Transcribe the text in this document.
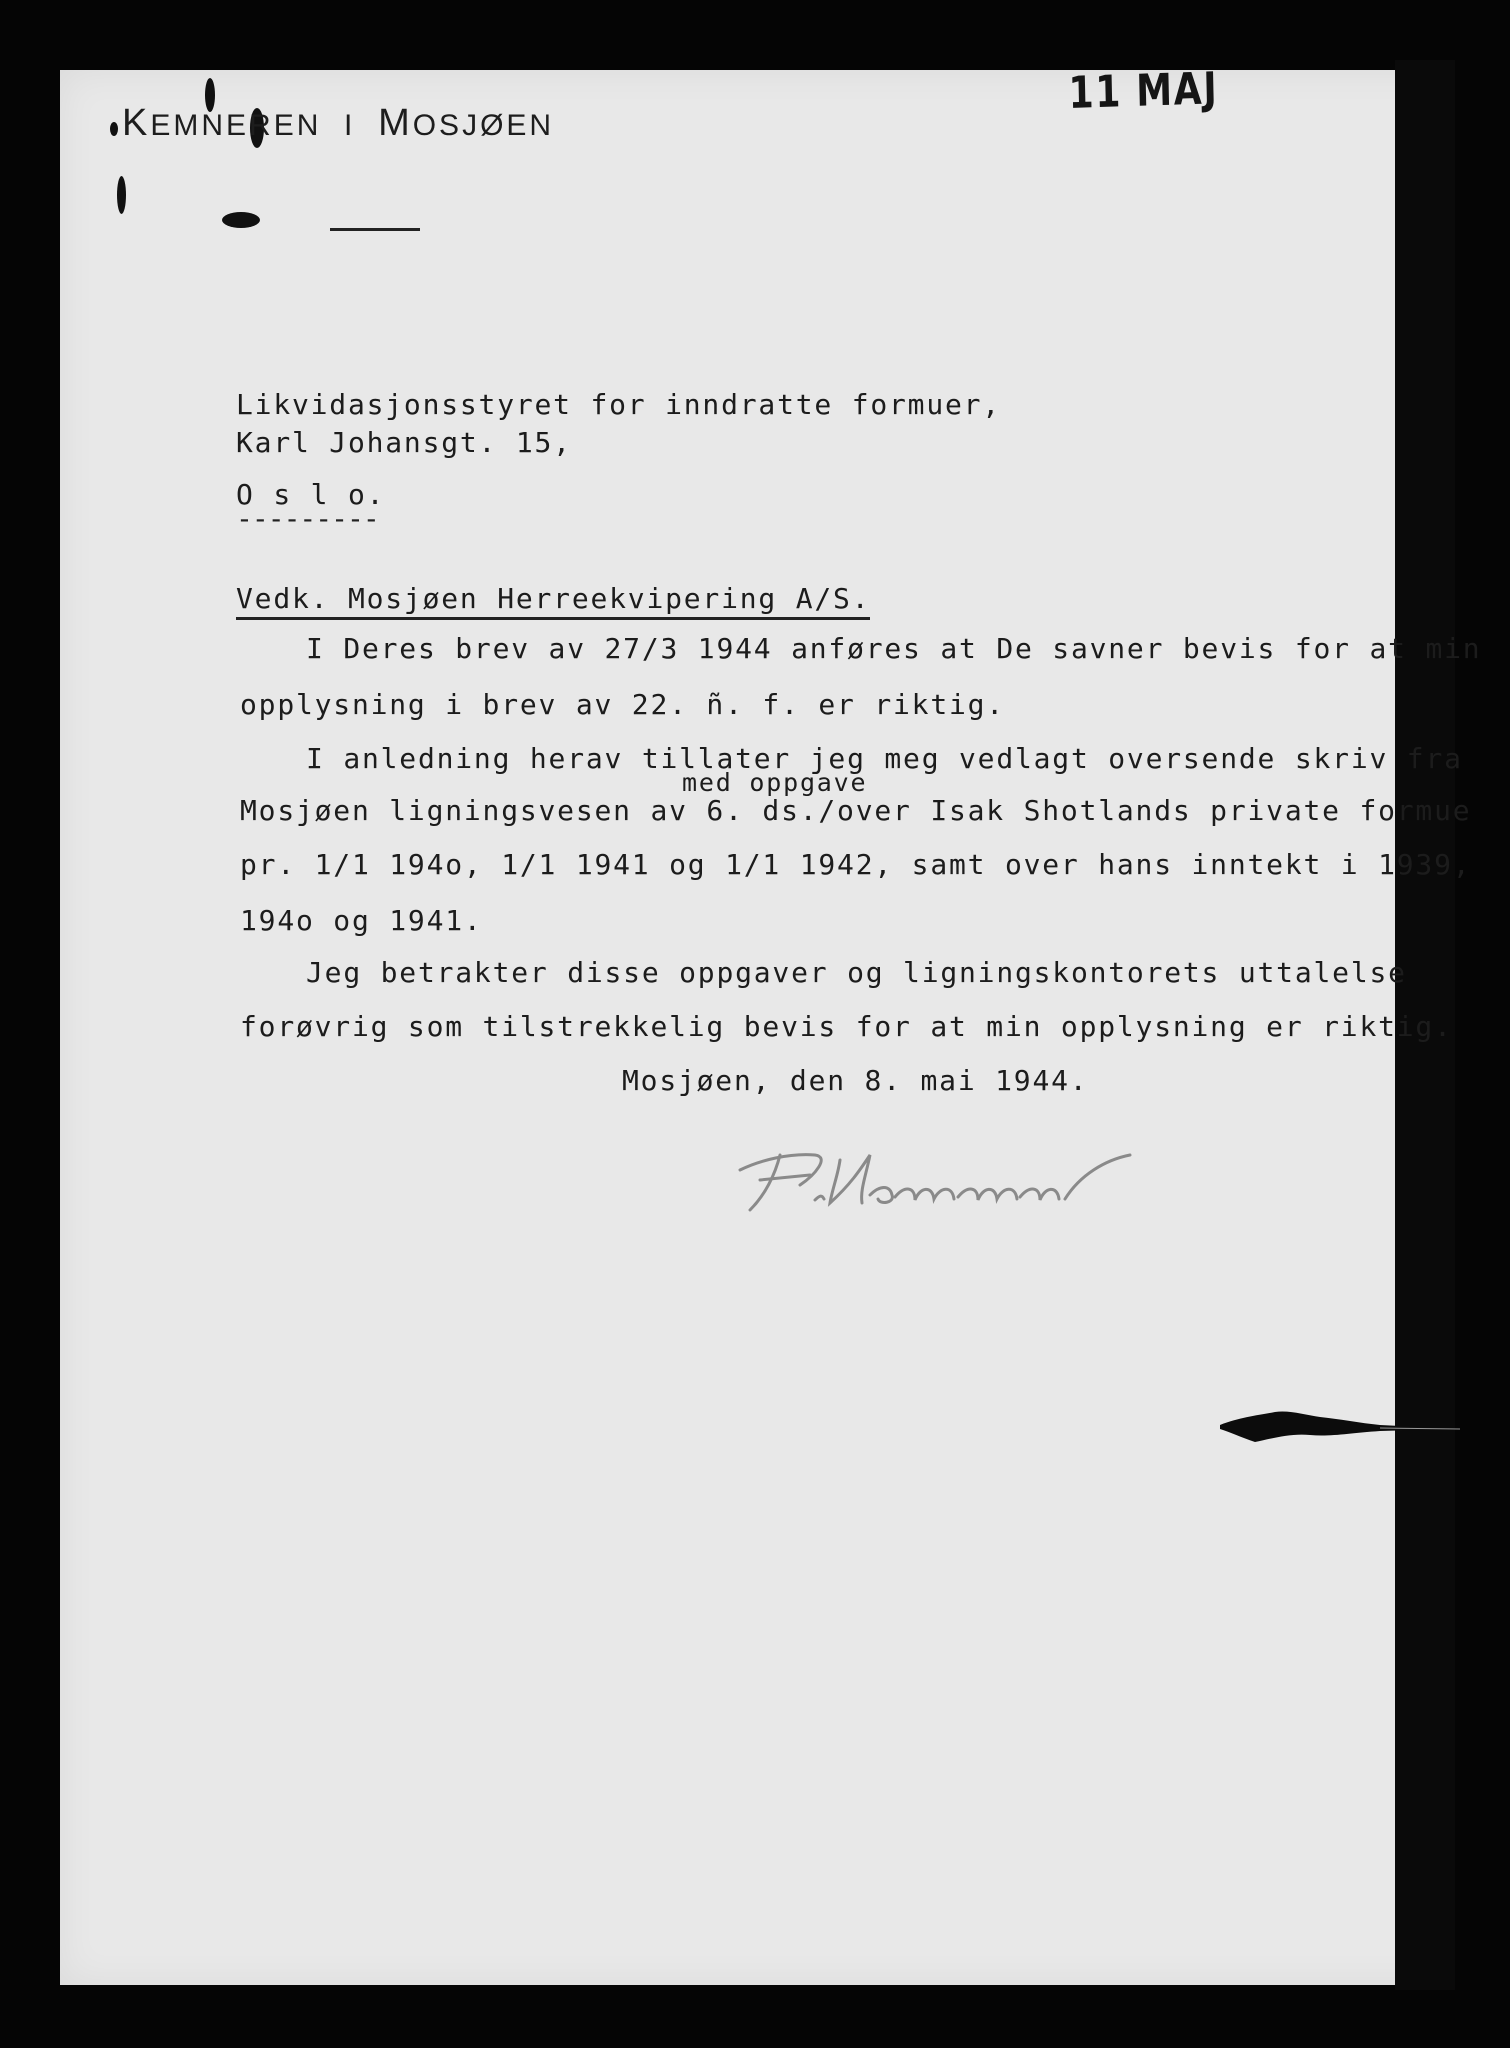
11 MAJ
KEMNEREN I MOSJØEN
Likvidasjonsstyret for inndratte formuer,
Karl Johansgt. 15,
O s l o.
---------
Vedk. Mosjøen Herreekvipering A/S.
I Deres brev av 27/3 1944 anføres at De savner bevis for at min
opplysning i brev av 22. ñ. f. er riktig.
I anledning herav tillater jeg meg vedlagt oversende skriv fra
med oppgave
Mosjøen ligningsvesen av 6. ds./over Isak Shotlands private formue
pr. 1/1 194o, 1/1 1941 og 1/1 1942, samt over hans inntekt i 1939,
194o og 1941.
Jeg betrakter disse oppgaver og ligningskontorets uttalelse
forøvrig som tilstrekkelig bevis for at min opplysning er riktig.
Mosjøen, den 8. mai 1944.
